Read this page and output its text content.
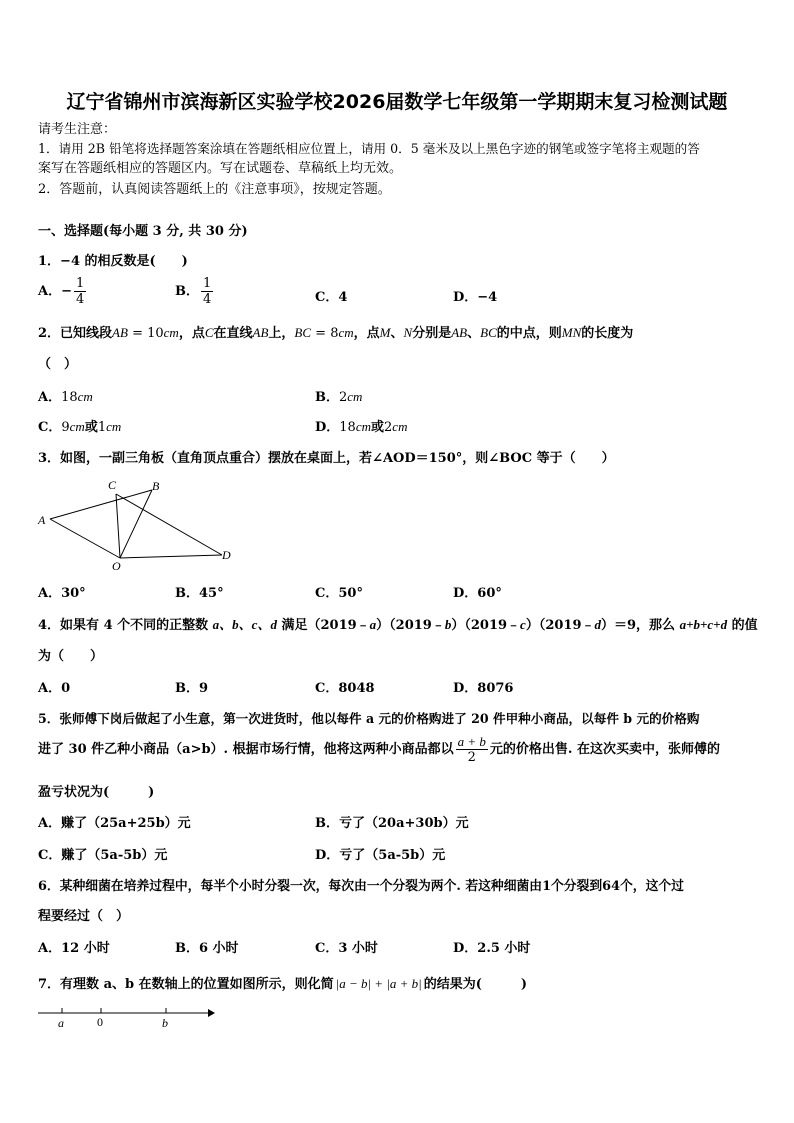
辽宁省锦州市滨海新区实验学校2026届数学七年级第一学期期末复习检测试题
请考生注意：
1．请用 2B 铅笔将选择题答案涂填在答题纸相应位置上，请用 0．5 毫米及以上黑色字迹的钢笔或签字笔将主观题的答
案写在答题纸相应的答题区内。写在试题卷、草稿纸上均无效。
2．答题前，认真阅读答题纸上的《注意事项》，按规定答题。
一、选择题(每小题 3 分, 共 30 分)
1．−4 的相反数是(　　)
A．− $\frac{1}{4}$	B． $\frac{1}{4}$	C．4	D．−4
2．已知线段AB = 10cm，点C在直线AB上，BC = 8cm，点M、N分别是AB、BC的中点，则MN的长度为
（　）
A．18cm	B．2cm
C．9cm或1cm	D．18cm或2cm
3．如图，一副三角板（直角顶点重合）摆放在桌面上，若∠AOD＝150°，则∠BOC 等于（　　）
A
B
C
D
O
A．30°	B．45°	C．50°	D．60°
4．如果有 4 个不同的正整数 a、b、c、d 满足（2019﹣a）（2019﹣b）（2019﹣c）（2019﹣d）＝9，那么 a+b+c+d 的值
为（　　）
A．0	B．9	C．8048	D．8076
5．张师傅下岗后做起了小生意，第一次进货时，他以每件 a 元的价格购进了 20 件甲种小商品，以每件 b 元的价格购
进了 30 件乙种小商品（a>b）. 根据市场行情，他将这两种小商品都以 $\frac{a + b}{2}$ 元的价格出售. 在这次买卖中，张师傅的
盈亏状况为(　　　)
A．赚了（25a+25b）元	B．亏了（20a+30b）元
C．赚了（5a-5b）元	D．亏了（5a-5b）元
6．某种细菌在培养过程中，每半个小时分裂一次，每次由一个分裂为两个. 若这种细菌由1个分裂到64个，这个过
程要经过（　）
A．12 小时	B．6 小时	C．3 小时	D．2.5 小时
7．有理数 a、b 在数轴上的位置如图所示，则化简 |a − b| + |a + b| 的结果为(　　　)
a	0	b
